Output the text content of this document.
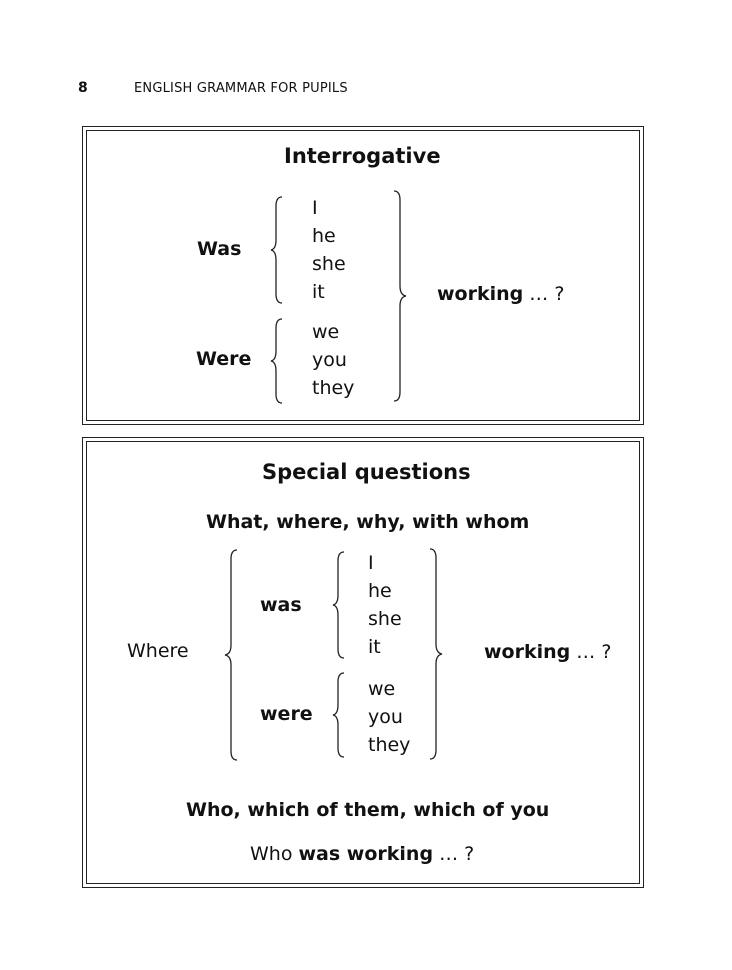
8	ENGLISH GRAMMAR FOR PUPILS
Interrogative
Was
Were
I
he
she
it
we
you
they
working … ?
Special questions
What, where, why, with whom
Where
was
were
I
he
she
it
we
you
they
working … ?
Who, which of them, which of you
Who was working … ?
